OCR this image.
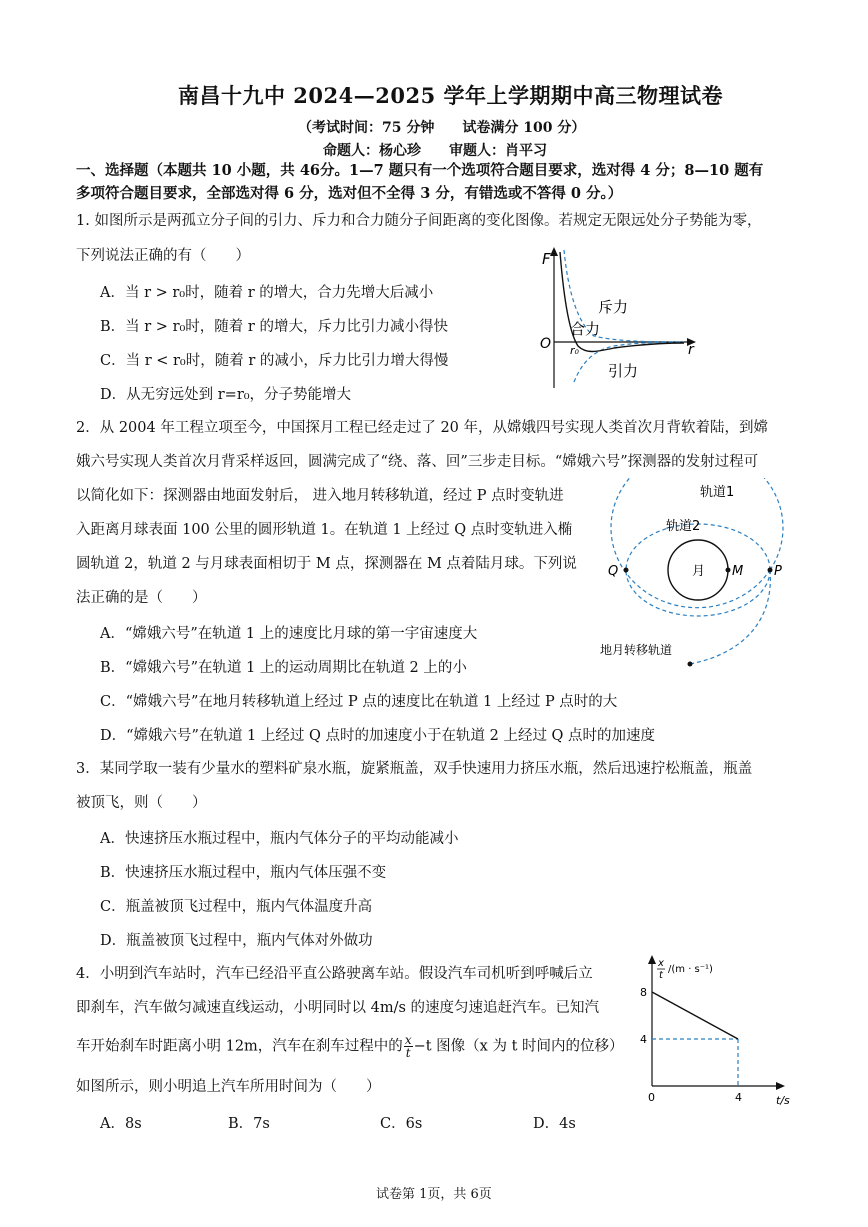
南昌十九中 2024—2025 学年上学期期中高三物理试卷
（考试时间：75 分钟　　试卷满分 100 分）
命题人：杨心珍　　审题人：肖平习
一、选择题（本题共 10 小题，共 46分。1—7 题只有一个选项符合题目要求，选对得 4 分；8—10 题有
多项符合题目要求，全部选对得 6 分，选对但不全得 3 分，有错选或不答得 0 分。）
1. 如图所示是两孤立分子间的引力、斥力和合力随分子间距离的变化图像。若规定无限远处分子势能为零，
下列说法正确的有（　　）
A．当 r > r₀时，随着 r 的增大，合力先增大后减小
B．当 r > r₀时，随着 r 的增大，斥力比引力减小得快
C．当 r < r₀时，随着 r 的减小，斥力比引力增大得慢
D．从无穷远处到 r=r₀，分子势能增大
F
r
O r₀
斥力
合力
引力
2．从 2004 年工程立项至今，中国探月工程已经走过了 20 年，从嫦娥四号实现人类首次月背软着陆，到嫦
娥六号实现人类首次月背采样返回，圆满完成了“绕、落、回”三步走目标。“嫦娥六号”探测器的发射过程可
以简化如下：探测器由地面发射后， 进入地月转移轨道，经过 P 点时变轨进
入距离月球表面 100 公里的圆形轨道 1。在轨道 1 上经过 Q 点时变轨进入椭
圆轨道 2，轨道 2 与月球表面相切于 M 点，探测器在 M 点着陆月球。下列说
法正确的是（　　）
A．“嫦娥六号”在轨道 1 上的速度比月球的第一宇宙速度大
B．“嫦娥六号”在轨道 1 上的运动周期比在轨道 2 上的小
C．“嫦娥六号”在地月转移轨道上经过 P 点的速度比在轨道 1 上经过 P 点时的大
D．“嫦娥六号”在轨道 1 上经过 Q 点时的加速度小于在轨道 2 上经过 Q 点时的加速度
轨道1
轨道2
月
Q	M P
地月转移轨道
3．某同学取一装有少量水的塑料矿泉水瓶，旋紧瓶盖，双手快速用力挤压水瓶，然后迅速拧松瓶盖，瓶盖
被顶飞，则（　　）
A．快速挤压水瓶过程中，瓶内气体分子的平均动能减小
B．快速挤压水瓶过程中，瓶内气体压强不变
C．瓶盖被顶飞过程中，瓶内气体温度升高
D．瓶盖被顶飞过程中，瓶内气体对外做功
4．小明到汽车站时，汽车已经沿平直公路驶离车站。假设汽车司机听到呼喊后立
即刹车，汽车做匀减速直线运动，小明同时以 4m/s 的速度匀速追赶汽车。已知汽
车开始刹车时距离小明 12m，汽车在刹车过程中的 $\frac{x}{t} -t$ 图像（x 为 t 时间内的位移）
如图所示，则小明追上汽车所用时间为（　　）
A．8s	B．7s	C．6s	D．4s
x
t
/(m · s⁻¹)
t/s
0
8
4
4
试卷第 1页，共 6页
